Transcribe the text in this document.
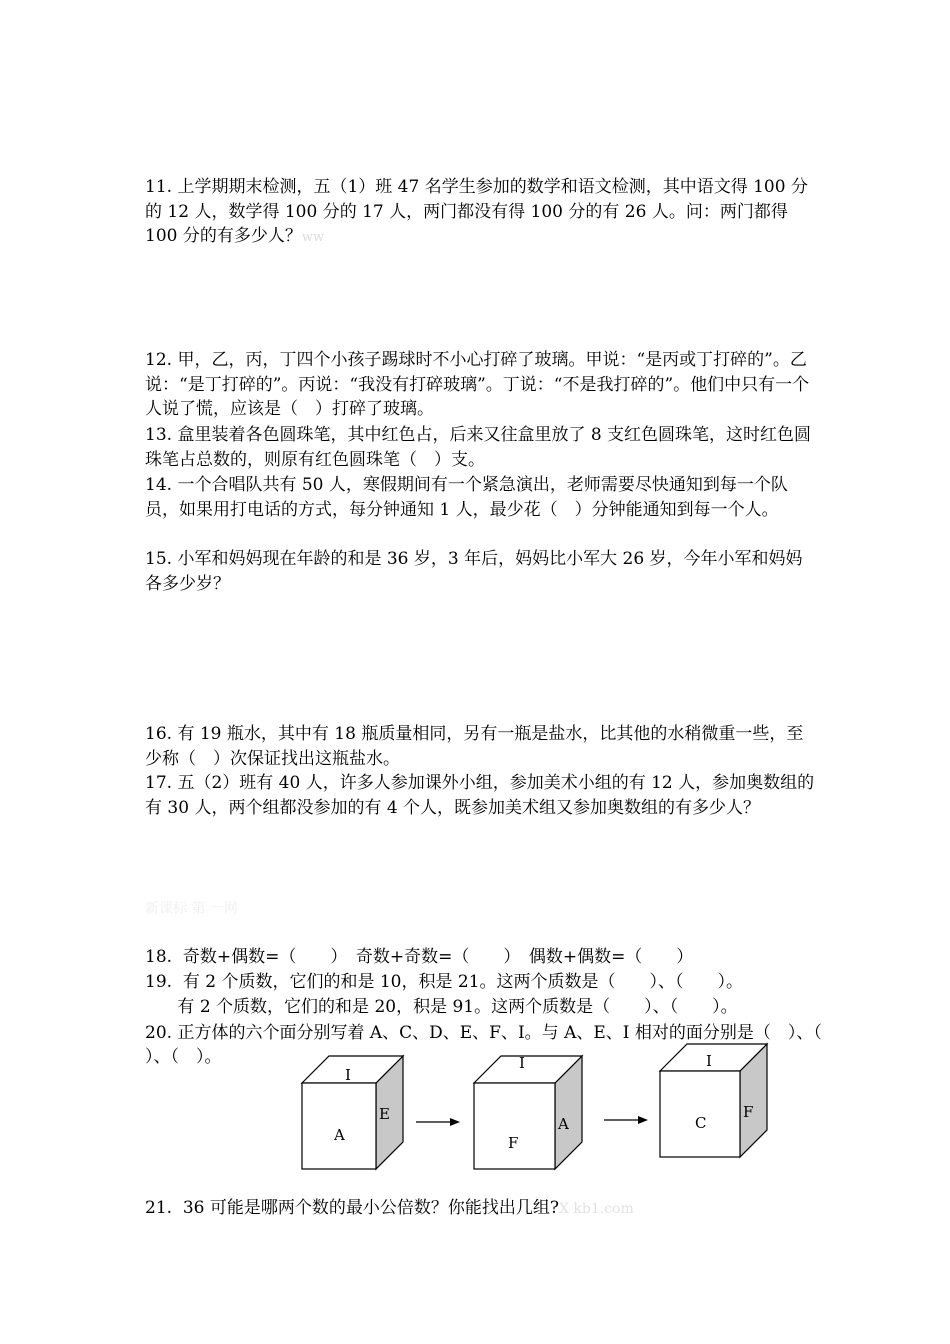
11. 上学期期末检测，五（1）班 47 名学生参加的数学和语文检测，其中语文得 100 分的 12 人，数学得 100 分的 17 人，两门都没有得 100 分的有 26 人。问：两门都得 100 分的有多少人？ww

12. 甲，乙，丙，丁四个小孩子踢球时不小心打碎了玻璃。甲说：“是丙或丁打碎的”。乙说：“是丁打碎的”。丙说：“我没有打碎玻璃”。丁说：“不是我打碎的”。他们中只有一个人说了慌，应该是（　）打碎了玻璃。

13. 盒里装着各色圆珠笔，其中红色占，后来又往盒里放了 8 支红色圆珠笔，这时红色圆珠笔占总数的，则原有红色圆珠笔（　）支。

14. 一个合唱队共有 50 人，寒假期间有一个紧急演出，老师需要尽快通知到每一个队员，如果用打电话的方式，每分钟通知 1 人，最少花（　）分钟能通知到每一个人。

15. 小军和妈妈现在年龄的和是 36 岁，3 年后，妈妈比小军大 26 岁，今年小军和妈妈各多少岁？

16. 有 19 瓶水，其中有 18 瓶质量相同，另有一瓶是盐水，比其他的水稍微重一些，至少称（　）次保证找出这瓶盐水。

17. 五（2）班有 40 人，许多人参加课外小组，参加美术小组的有 12 人，参加奥数组的有 30 人，两个组都没参加的有 4 个人，既参加美术组又参加奥数组的有多少人？

新课标 第 一网

18.  奇数+偶数=（　　）　奇数+奇数=（　　）　偶数+偶数=（　　）

19.  有 2 个质数，它们的和是 10，积是 21。这两个质数是（　　）、（　　）。

有 2 个质数，它们的和是 20，积是 91。这两个质数是（　　）、（　　）。

20. 正方体的六个面分别写着 A、C、D、E、F、I。与 A、E、I 相对的面分别是（　）、（

）、（　）。

I
A
E
I
F
A
I
C
F

21.  36 可能是哪两个数的最小公倍数？你能找出几组?X kb1.com
